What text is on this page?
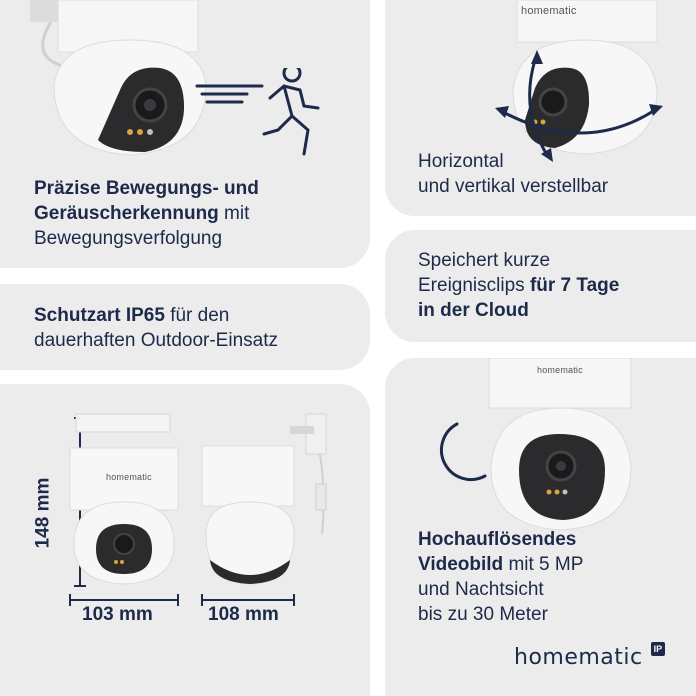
Präzise Bewegungs- und Geräuscherkennung mit
Bewegungsverfolgung
homematic
Horizontal
und vertikal verstellbar
Schutzart IP65 für den
dauerhaften Outdoor-Einsatz
Speichert kurze
Ereignisclips für 7 Tage
in der Cloud
homematic
148 mm
103 mm	108 mm
homematic
Hochauflösendes
Videobild mit 5 MP
und Nachtsicht
bis zu 30 Meter
homematic	IP
